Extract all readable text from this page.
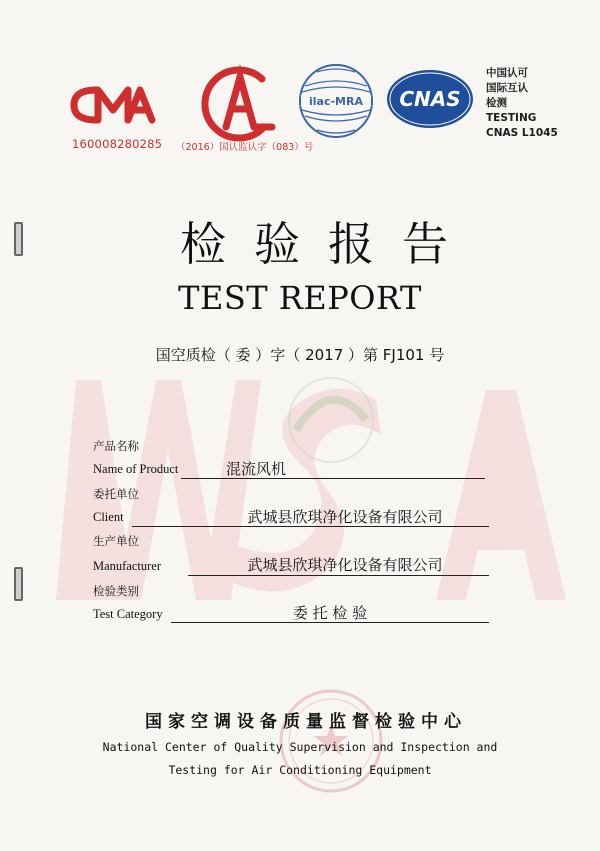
160008280285 （2016）国认监认字（083）号
ilac-MRA CNAS
中国认可
国际互认
检测
TESTING
CNAS L1045
检验报告
TEST REPORT
国空质检（ 委 ）字（ 2017 ）第 FJ101 号
产品名称
Name of Product	混流风机
委托单位
Client	武城县欣琪净化设备有限公司
生产单位
Manufacturer	武城县欣琪净化设备有限公司
检验类别
Test Category	委 托 检 验
国家空调设备质量监督检验中心
National Center of Quality Supervision and Inspection and
Testing for Air Conditioning Equipment
